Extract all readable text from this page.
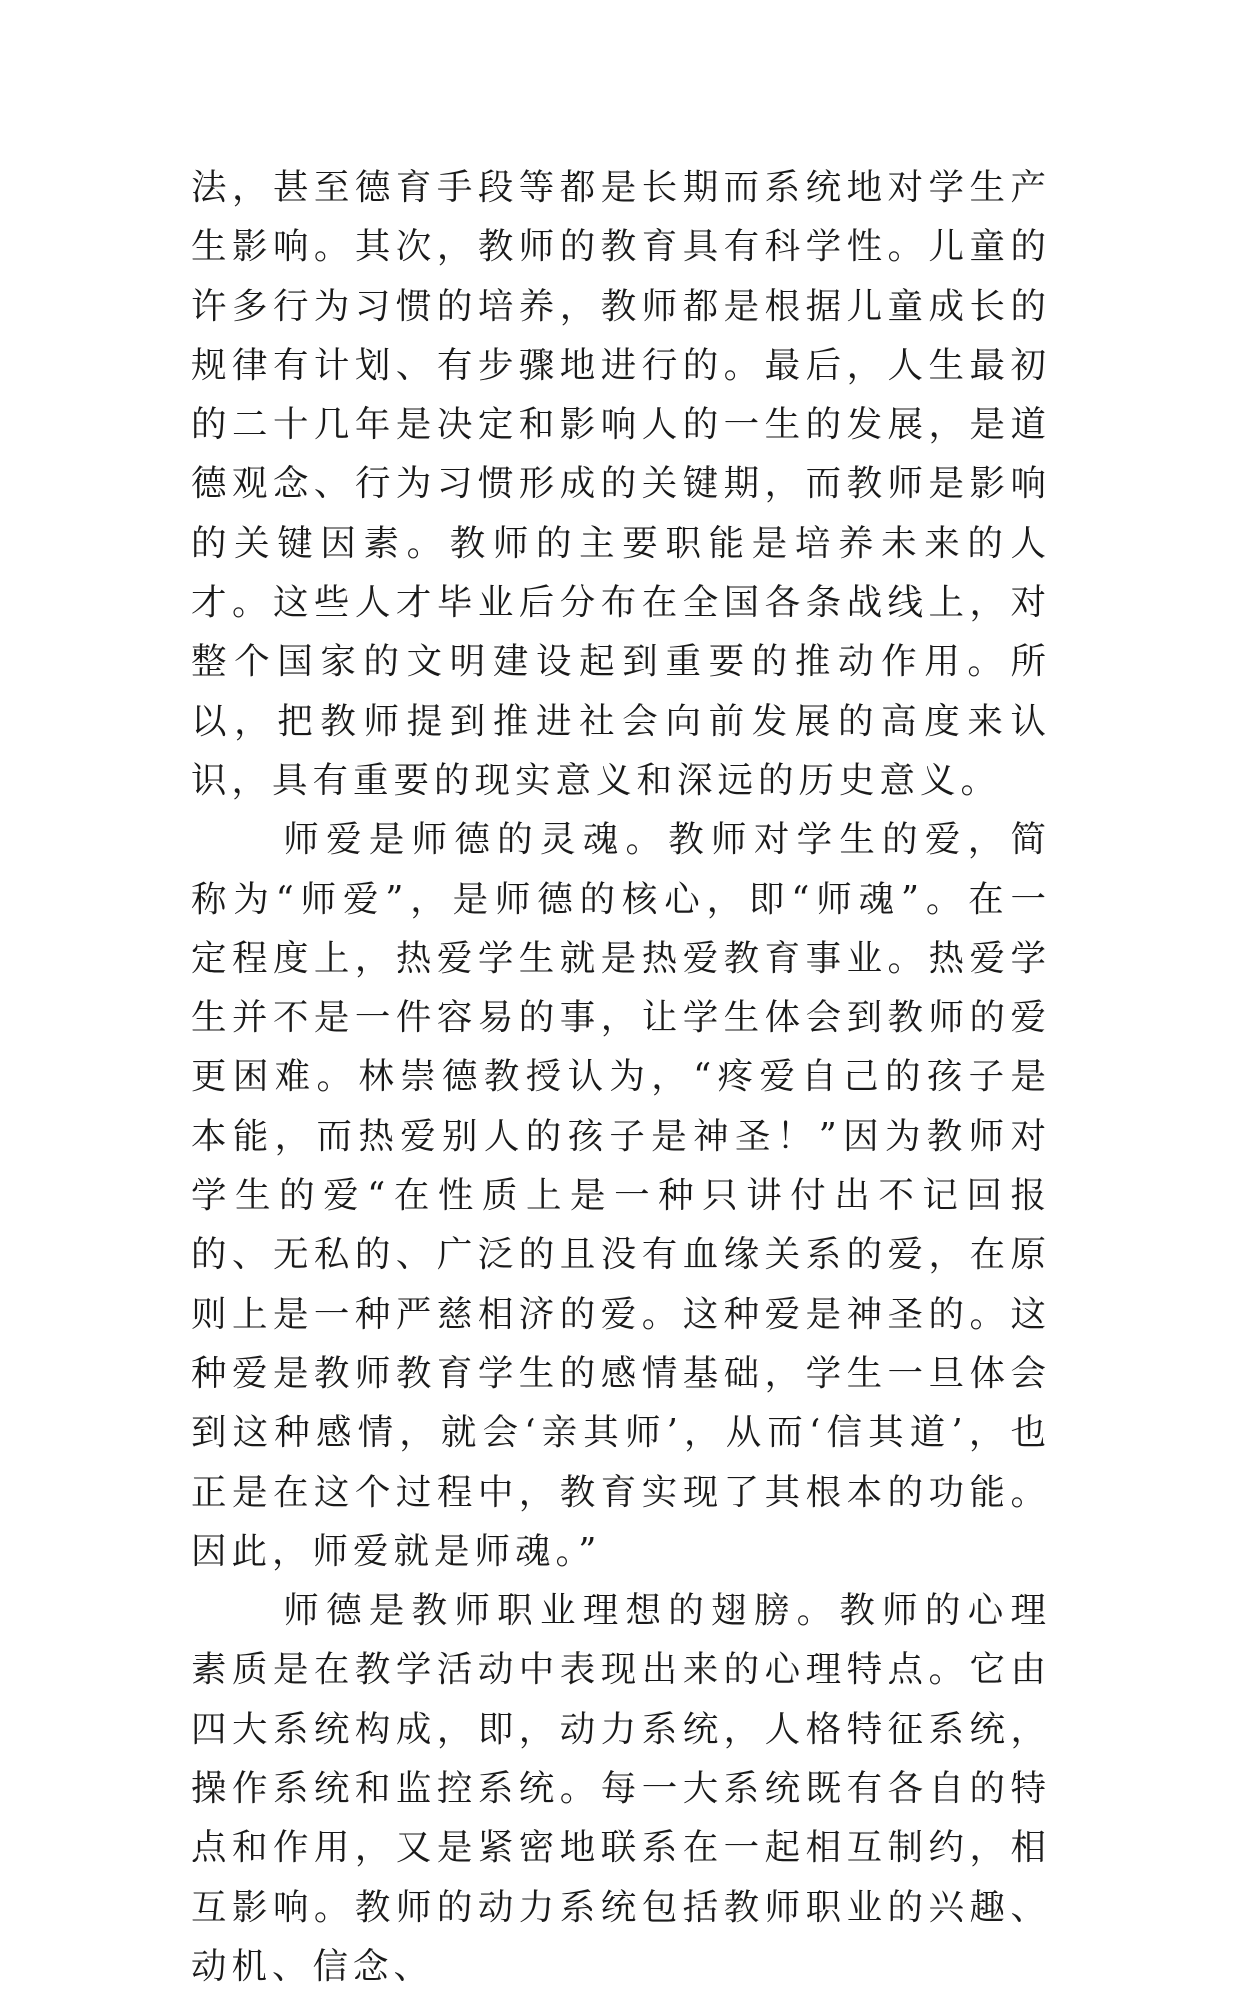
法，甚至德育手段等都是长期而系统地对学生产生影响。其次，教师的教育具有科学性。儿童的许多行为习惯的培养，教师都是根据儿童成长的规律有计划、有步骤地进行的。最后，人生最初的二十几年是决定和影响人的一生的发展，是道德观念、行为习惯形成的关键期，而教师是影响的关键因素。教师的主要职能是培养未来的人才。这些人才毕业后分布在全国各条战线上，对整个国家的文明建设起到重要的推动作用。所以，把教师提到推进社会向前发展的高度来认识，具有重要的现实意义和深远的历史意义。

师爱是师德的灵魂。教师对学生的爱，简称为“师爱”，是师德的核心，即“师魂”。在一定程度上，热爱学生就是热爱教育事业。热爱学生并不是一件容易的事，让学生体会到教师的爱更困难。林崇德教授认为，“疼爱自己的孩子是本能，而热爱别人的孩子是神圣！”因为教师对学生的爱“在性质上是一种只讲付出不记回报的、无私的、广泛的且没有血缘关系的爱，在原则上是一种严慈相济的爱。这种爱是神圣的。这种爱是教师教育学生的感情基础，学生一旦体会到这种感情，就会‘亲其师’，从而‘信其道’，也正是在这个过程中，教育实现了其根本的功能。因此，师爱就是师魂。”

师德是教师职业理想的翅膀。教师的心理素质是在教学活动中表现出来的心理特点。它由四大系统构成，即，动力系统，人格特征系统，操作系统和监控系统。每一大系统既有各自的特点和作用，又是紧密地联系在一起相互制约，相互影响。教师的动力系统包括教师职业的兴趣、动机、信念、
